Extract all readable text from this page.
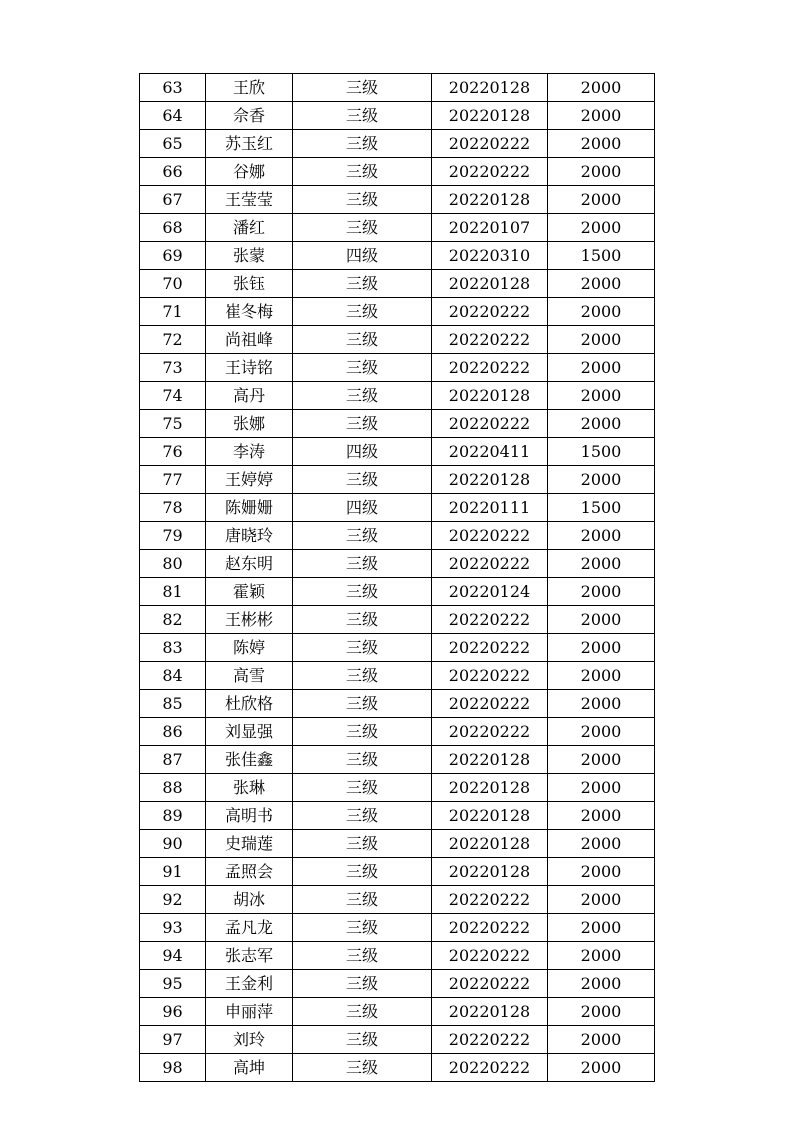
63	王欣	三级	20220128	2000
64	佘香	三级	20220128	2000
65	苏玉红	三级	20220222	2000
66	谷娜	三级	20220222	2000
67	王莹莹	三级	20220128	2000
68	潘红	三级	20220107	2000
69	张蒙	四级	20220310	1500
70	张钰	三级	20220128	2000
71	崔冬梅	三级	20220222	2000
72	尚祖峰	三级	20220222	2000
73	王诗铭	三级	20220222	2000
74	高丹	三级	20220128	2000
75	张娜	三级	20220222	2000
76	李涛	四级	20220411	1500
77	王婷婷	三级	20220128	2000
78	陈姗姗	四级	20220111	1500
79	唐晓玲	三级	20220222	2000
80	赵东明	三级	20220222	2000
81	霍颖	三级	20220124	2000
82	王彬彬	三级	20220222	2000
83	陈婷	三级	20220222	2000
84	高雪	三级	20220222	2000
85	杜欣格	三级	20220222	2000
86	刘显强	三级	20220222	2000
87	张佳鑫	三级	20220128	2000
88	张琳	三级	20220128	2000
89	高明书	三级	20220128	2000
90	史瑞莲	三级	20220128	2000
91	孟照会	三级	20220128	2000
92	胡冰	三级	20220222	2000
93	孟凡龙	三级	20220222	2000
94	张志军	三级	20220222	2000
95	王金利	三级	20220222	2000
96	申丽萍	三级	20220128	2000
97	刘玲	三级	20220222	2000
98	高坤	三级	20220222	2000
